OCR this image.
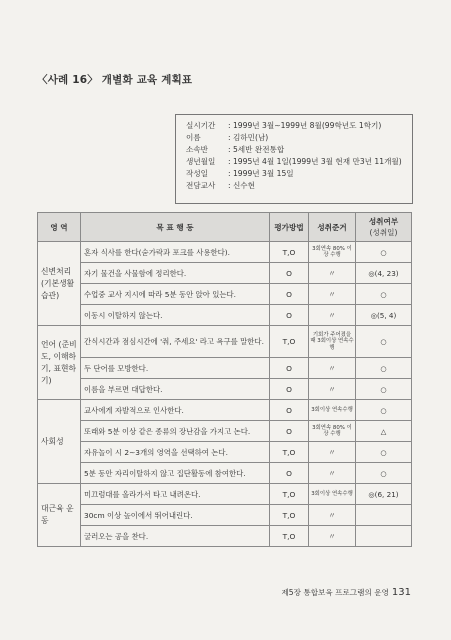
〈사례 16〉 개별화 교육 계획표
실시기간	: 1999년 3월∼1999년 8월(99학년도 1학기)
이름	: 김하민(남)
소속반	: 5세반 완전통합
생년월일	: 1995년 4월 1일(1999년 3월 현재 만3년 11개월)
작성일	: 1999년 3월 15일
전담교사	: 신수현
영 역	목 표 행 동	평가방법	성취준거	성취여부
(성취일)
신변처리 (기본생활 습관)	혼자 식사를 한다(숟가락과 포크를 사용한다).	T,O	3회연속 80% 이상 수행	○
	자기 물건을 사물함에 정리한다.	O	〃	◎(4, 23)
	수업중 교사 지시에 따라 5분 동안 앉아 있는다.	O	〃	○
	이동시 이탈하지 않는다.	O	〃	◎(5, 4)
언어 (준비도, 이해하기, 표현하기)	간식시간과 점심시간에 '줘, 주세요' 라고 욕구를 말한다.	T,O	기회가 주어졌을 때 3회이상 연속수행	○
	두 단어를 모방한다.	O	〃	○
	이름을 부르면 대답한다.	O	〃	○
사회성	교사에게 자발적으로 인사한다.	O	3회이상 연속수행	○
	또래와 5분 이상 같은 종류의 장난감을 가지고 논다.	O	3회연속 80% 이상 수행	△
	자유놀이 시 2∼3개의 영역을 선택하여 논다.	T,O	〃	○
	5분 동안 자리이탈하지 않고 집단활동에 참여한다.	O	〃	○
대근육 운동	미끄럼대를 올라가서 타고 내려온다.	T,O	3회이상 연속수행	◎(6, 21)
	30cm 이상 높이에서 뛰어내린다.	T,O	〃	
	굴러오는 공을 찬다.	T,O	〃	
제5장 통합보육 프로그램의 운영 131
